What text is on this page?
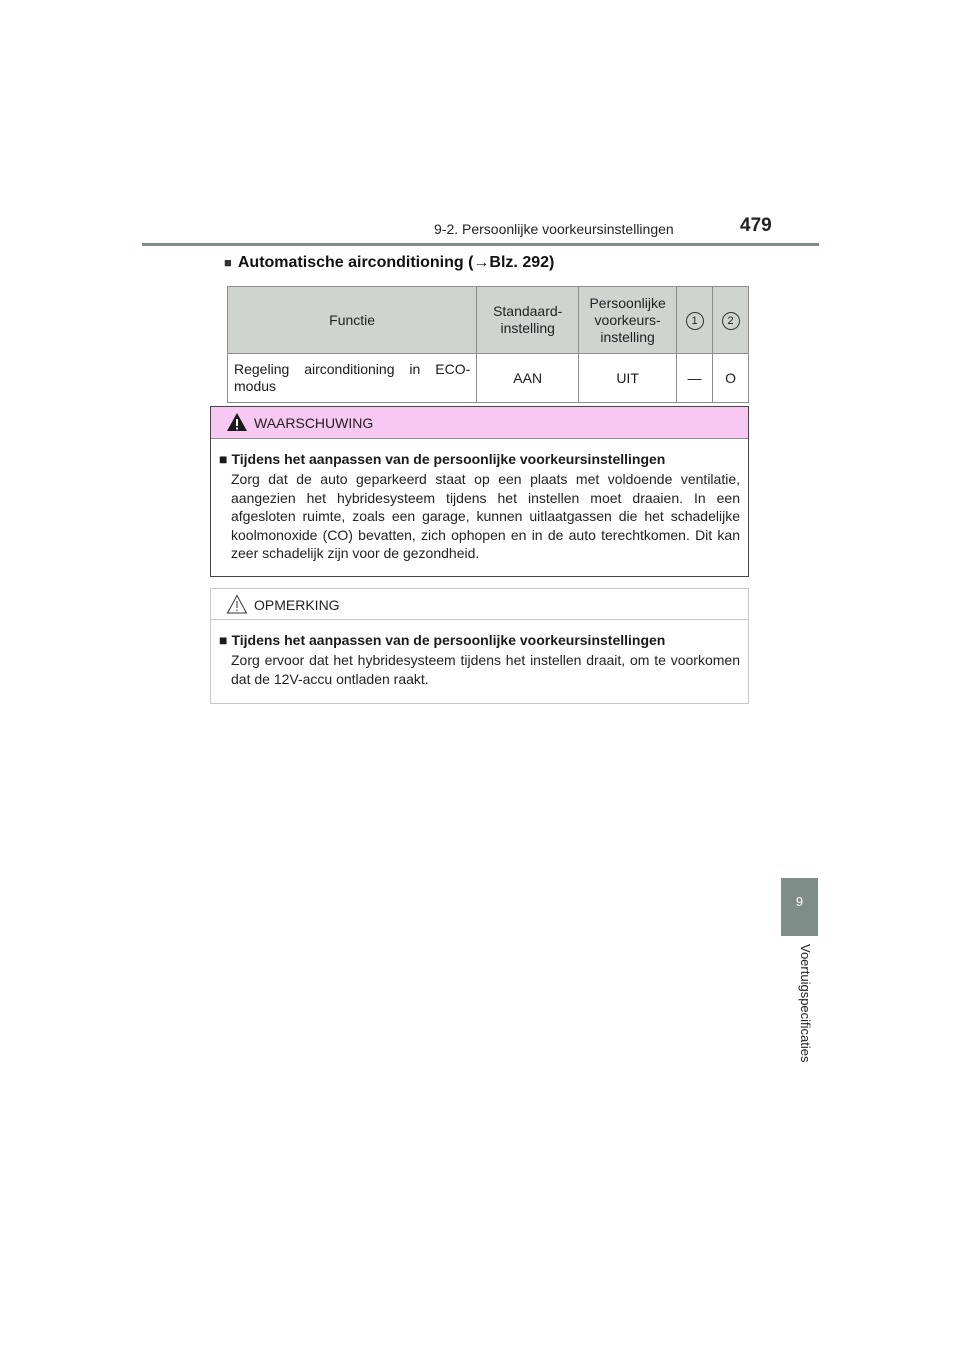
9-2. Persoonlijke voorkeursinstellingen	479
■ Automatische airconditioning (→Blz. 292)
Functie	Standaard-instelling	Persoonlijke voorkeurs-instelling	1	2
Regeling airconditioning in ECO-modus	AAN	UIT	—	O
WAARSCHUWING
■ Tijdens het aanpassen van de persoonlijke voorkeursinstellingen
Zorg dat de auto geparkeerd staat op een plaats met voldoende ventilatie, aangezien het hybridesysteem tijdens het instellen moet draaien. In een afgesloten ruimte, zoals een garage, kunnen uitlaatgassen die het schadelijke koolmonoxide (CO) bevatten, zich ophopen en in de auto terechtkomen. Dit kan zeer schadelijk zijn voor de gezondheid.
OPMERKING
■ Tijdens het aanpassen van de persoonlijke voorkeursinstellingen
Zorg ervoor dat het hybridesysteem tijdens het instellen draait, om te voorkomen dat de 12V-accu ontladen raakt.
9
Voertuigspecificaties
